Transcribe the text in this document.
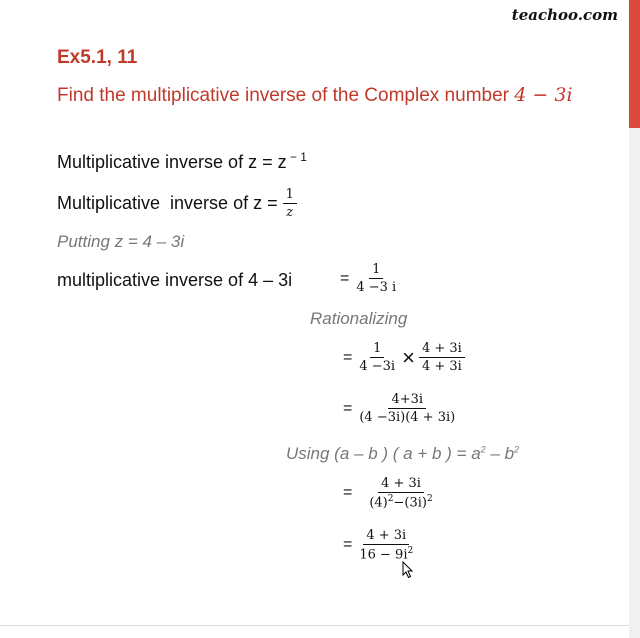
teachoo.com
Ex5.1, 11
Find the multiplicative inverse of the Complex number 4 − 3i
Multiplicative inverse of z = z $^{- 1}$
Multiplicative  inverse of $z = \frac{1}{z}$
Putting z = 4 – 3i
multiplicative inverse of 4 – 3i	= $\frac{1}{4 -3 i}$
Rationalizing
= $\frac{1}{4 -3i} \times \frac{4 + 3i}{4 + 3i}$
= $\frac{4+3i}{(4 -3i)(4 + 3i)}$
Using (a – b ) ( a + b ) = $a^2 - b^2$
= $\frac{4 + 3i}{(4)^2-(3i)^2}$
= $\frac{4 + 3i}{16 - 9i^2}$
